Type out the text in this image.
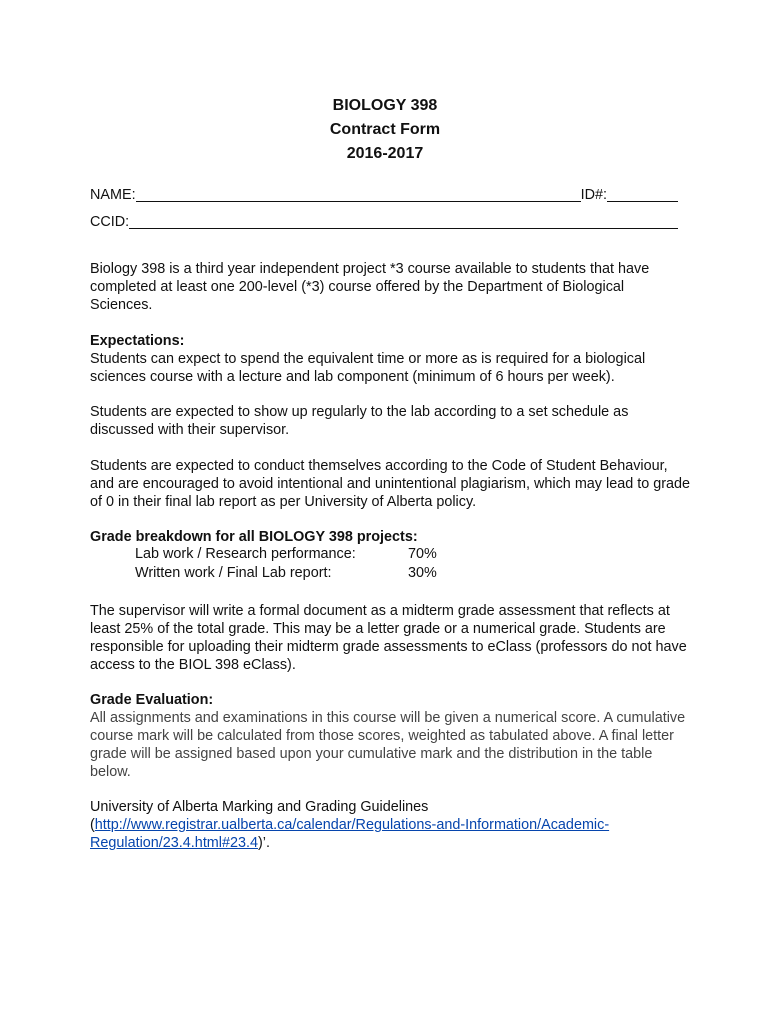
BIOLOGY 398
Contract Form
2016-2017
NAME:	ID#:
CCID:

Biology 398 is a third year independent project *3 course available to students that have completed at least one 200-level (*3) course offered by the Department of Biological Sciences.

Expectations:

Students can expect to spend the equivalent time or more as is required for a biological sciences course with a lecture and lab component (minimum of 6 hours per week).

Students are expected to show up regularly to the lab according to a set schedule as discussed with their supervisor.

Students are expected to conduct themselves according to the Code of Student Behaviour, and are encouraged to avoid intentional and unintentional plagiarism, which may lead to grade of 0 in their final lab report as per University of Alberta policy.

Grade breakdown for all BIOLOGY 398 projects:

Lab work / Research performance:	70%
Written work / Final Lab report:	30%

The supervisor will write a formal document as a midterm grade assessment that reflects at least 25% of the total grade. This may be a letter grade or a numerical grade. Students are responsible for uploading their midterm grade assessments to eClass (professors do not have access to the BIOL 398 eClass).

Grade Evaluation:

All assignments and examinations in this course will be given a numerical score. A cumulative course mark will be calculated from those scores, weighted as tabulated above. A final letter grade will be assigned based upon your cumulative mark and the distribution in the table below.

University of Alberta Marking and Grading Guidelines
(http://www.registrar.ualberta.ca/calendar/Regulations-and-Information/Academic-Regulation/23.4.html#23.4)’.
